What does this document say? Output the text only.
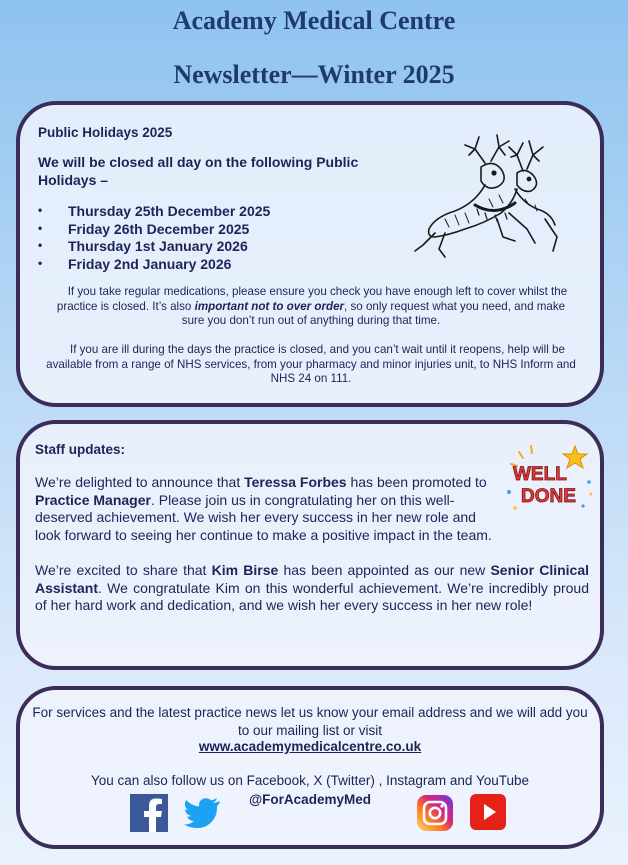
Academy Medical Centre
Newsletter—Winter 2025
Public Holidays 2025
We will be closed all day on the following Public Holidays –
• Thursday 25th December 2025
• Friday 26th December 2025
• Thursday 1st January 2026
• Friday 2nd January 2026
If you take regular medications, please ensure you check you have enough left to cover whilst the practice is closed. It’s also important not to over order, so only request what you need, and make sure you don’t run out of anything during that time.
If you are ill during the days the practice is closed, and you can’t wait until it reopens, help will be available from a range of NHS services, from your pharmacy and minor injuries unit, to NHS Inform and NHS 24 on 111.
Staff updates:
We’re delighted to announce that Teressa Forbes has been promoted to Practice Manager. Please join us in congratulating her on this well-deserved achievement. We wish her every success in her new role and look forward to seeing her continue to make a positive impact in the team.
WELL
DONE
We’re excited to share that Kim Birse has been appointed as our new Senior Clinical Assistant. We congratulate Kim on this wonderful achievement. We’re incredibly proud of her hard work and dedication, and we wish her every success in her new role!
For services and the latest practice news let us know your email address and we will add you to our mailing list or visit
www.academymedicalcentre.co.uk
You can also follow us on Facebook, X (Twitter) , Instagram and YouTube
@ForAcademyMed
